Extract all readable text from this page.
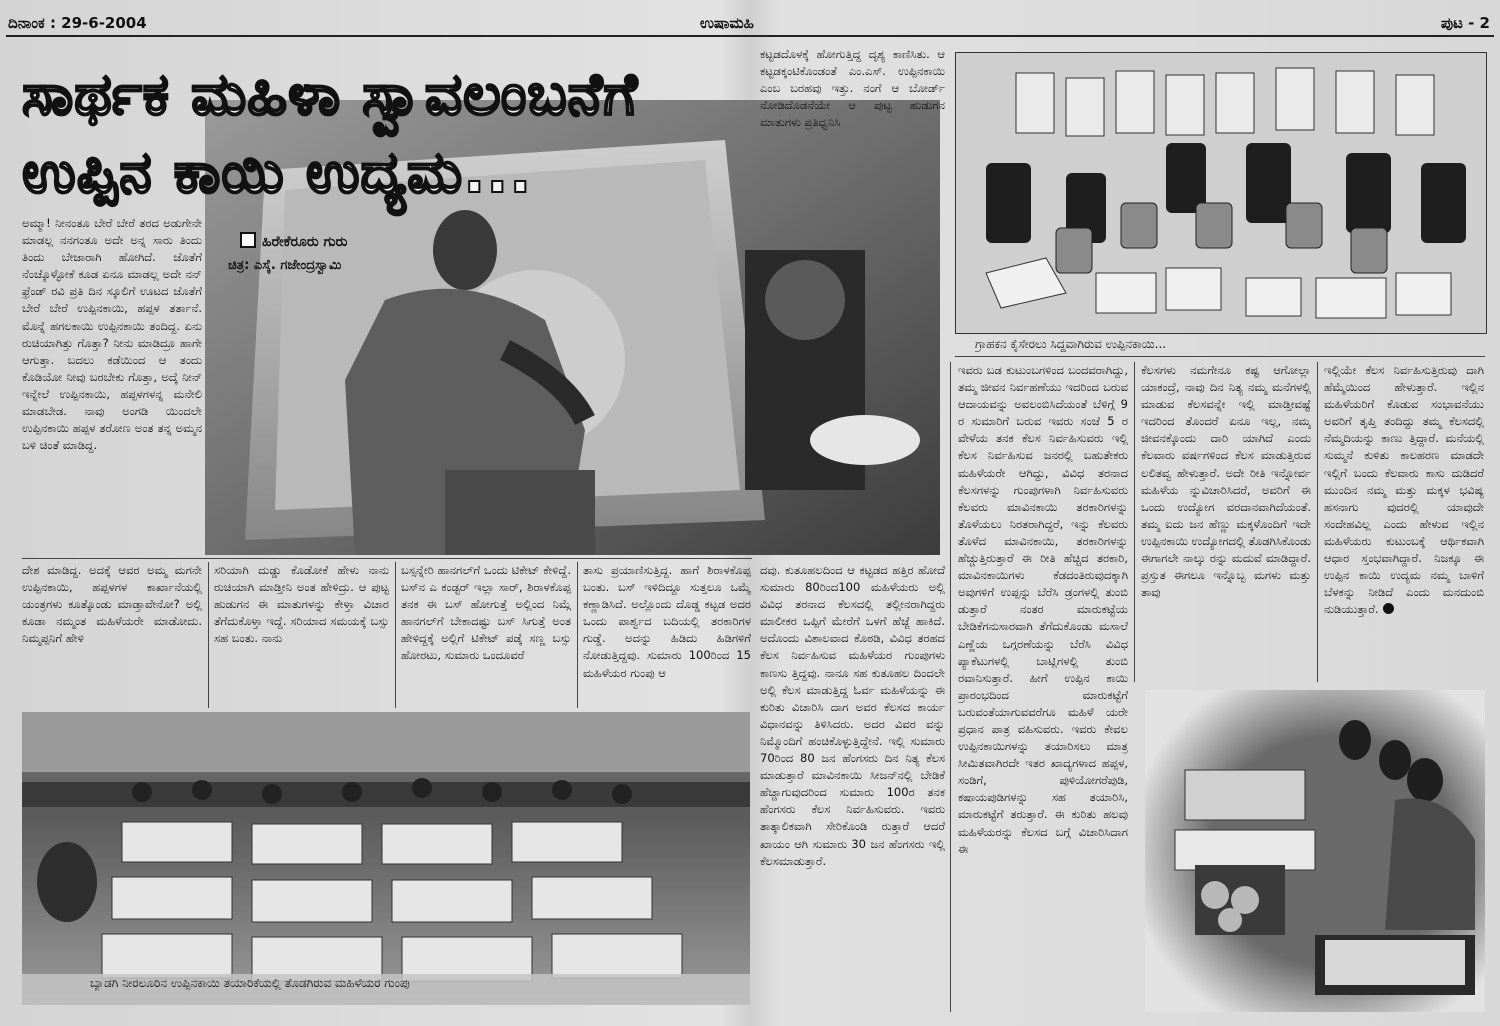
ದಿನಾಂಕ : 29-6-2004	ಉಷಾಮಹಿ	ಪುಟ - 2
ಸಾರ್ಥಕ ಮಹಿಳಾ ಸ್ವಾವಲಂಬನೆಗೆ
ಉಪ್ಪಿನ ಕಾಯಿ ಉದ್ಯಮ...
ಹಿರೇಕೆರೂರು ಗುರು
ಚಿತ್ರ: ಎಸ್ಕೆ. ಗಜೇಂದ್ರಸ್ವಾಮಿ

ಅಮ್ಮಾ! ನೀನಂತೂ ಬೇರೆ ಬೇರೆ ತರದ ಅಡುಗೇನೇ ಮಾಡಲ್ಲ ನನಗಂತೂ ಅದೇ ಅನ್ನ ಸಾರು ತಿಂದು ತಿಂದು ಬೇಜಾರಾಗಿ ಹೋಗಿದೆ. ಜೊತೆಗೆ ನೆಂಚ್ಕೊಳ್ಳೋಕೆ ಕೂಡ ಏನೂ ಮಾಡಲ್ಲ ಅದೇ ನನ್ ಫ್ರೆಂಡ್ ರವಿ ಪ್ರತಿ ದಿನ ಸ್ಕೂಲಿಗೆ ಊಟದ ಜೊತೆಗೆ ಬೇರೆ ಬೇರೆ ಉಪ್ಪಿನಕಾಯಿ, ಹಪ್ಪಳ ತರ್ತಾನೆ. ಮೊನ್ನೆ ಹಗಲಕಾಯಿ ಉಪ್ಪಿನಕಾಯಿ ತಂದಿದ್ದ. ಏನು ರುಚಿಯಾಗಿತ್ತು ಗೊತ್ತಾ? ನೀನು ಮಾಡಿದ್ರೂ ಹಾಗೇ ಆಗುತ್ತಾ. ಬದಲು ಕಡೆಯಿಂದ ಆ ತಂದು ಕೊಡಿಯೋ ನೀವು ಬರಬೇಕು ಗೊತ್ತಾ, ಅದ್ಕೆ ನೀನ್ ಇನ್ನೇಲೆ ಉಪ್ಪಿನಕಾಯಿ, ಹಪ್ಪಳಗಳನ್ನ ಮನೇಲಿ ಮಾಡಬೇಡ. ನಾವು ಅಂಗಡಿ ಯಿಂದಲೇ ಉಪ್ಪಿನಕಾಯಿ ಹಪ್ಪಳ ತರೋಣ ಅಂತ ತನ್ನ ಅಮ್ಮನ ಬಳಿ ಚಿಂತೆ ಮಾಡಿದ್ದ.

ದೇಶ ಮಾಡಿದ್ದ. ಅದಕ್ಕೆ ಆವರ ಅಮ್ಮ ಮಗನೇ ಉಪ್ಪಿನಕಾಯಿ, ಹಪ್ಪಳಗಳ ಕಾರ್ಖಾನೆಯಲ್ಲಿ ಯಂತ್ರಗಳು ಕೂತ್ಕೊಂಡು ಮಾಡ್ತಾವೇನೋ? ಅಲ್ಲಿ ಕೂಡಾ ನಮ್ಮಂತ ಮಹಿಳೆಯರೇ ಮಾಡೋದು. ನಿಮ್ಮಪ್ಪನಿಗೆ ಹೇಳಿ

ಸರಿಯಾಗಿ ದುಡ್ಡು ಕೊಡೋಕೆ ಹೇಳು ನಾನು ರುಚಿಯಾಗಿ ಮಾಡ್ತೀನಿ ಅಂತ ಹೇಳಿದ್ರು. ಆ ಪುಟ್ಟ ಹುಡುಗನ ಈ ಮಾತುಗಳನ್ನು ಕೇಳ್ತಾ ವಿಚಾರ ತೆಗೆದುಕೊಳ್ತಾ ಇದ್ದೆ. ಸರಿಯಾದ ಸಮಯಕ್ಕೆ ಬಸ್ಸು ಸಹ ಬಂತು. ನಾನು

ಬಸ್ಸನ್ನೇರಿ ಹಾನಗಲ್‌ಗೆ ಒಂದು ಟಿಕೇಟ್ ಕೇಳಿದ್ದೆ. ಬಸ್‌ನ ಎ ಕಂಡ್ಟರ್ ಇಲ್ಲಾ ಸಾರ್, ಶಿರಾಳಕೊಪ್ಪ ತನಕ ಈ ಬಸ್ ಹೋಗುತ್ತೆ ಅಲ್ಲಿಂದ ನಿಮ್ಗೆ ಹಾನಗಲ್‌ಗೆ ಬೇಕಾದಷ್ಟು ಬಸ್ ಸಿಗುತ್ತೆ ಅಂತ ಹೇಳಿದ್ದಕ್ಕೆ ಅಲ್ಲಿಗೆ ಟಿಕೇಟ್ ಪಡ್ಕೆ ಸಣ್ಣ ಬಸ್ಸು ಹೋರಟು, ಸುಮಾರು ಒಂದೂವರೆ

ತಾಸು ಪ್ರಯಾಣಿಸುತ್ತಿದ್ದ. ಹಾಗೆ ಶಿರಾಳಕೊಪ್ಪ ಬಂತು. ಬಸ್ ಇಳಿದಿದ್ದೂ ಸುತ್ತಲೂ ಒಮ್ಮೆ ಕಣ್ಣಾಡಿಸಿದೆ. ಅಲ್ಲೊಂದು ದೊಡ್ಡ ಕಟ್ಟಡ ಅದರ ಒಂದು ಪಾರ್ಶ್ವದ ಬದಿಯಲ್ಲಿ ತರಕಾರಿಗಳ ಗುಡ್ಡೆ. ಅದನ್ನು ಹಿಡಿದು ಹಿಡಿಗಳಿಗೆ ನೋಡುತ್ತಿದ್ದವು. ಸುಮಾರು 100ರಿಂದ 15 ಮಹಿಳೆಯರ ಗುಂಪು ಆ

ಬ್ಯಾಡಗಿ ನೀರಲೂರಿನ ಉಪ್ಪಿನಕಾಯಿ ತಯಾರಿಕೆಯಲ್ಲಿ ತೊಡಗಿರುವ ಮಹಿಳೆಯರ ಗುಂಪು

ಕಟ್ಟಡದೊಳಕ್ಕೆ ಹೋಗುತ್ತಿದ್ದ ದೃಶ್ಯ ಕಾಣಿಸಿತು. ಆ ಕಟ್ಟಡಕ್ಕಂಟಿಕೊಂಡಂತೆ ಎಂ.ಎಸ್. ಉಪ್ಪಿನಕಾಯಿ ಎಂಬ ಬರಹವು ಇತ್ತು. ನಂಗೆ ಆ ಬೋರ್ಡ್ ನೋಡಿದೊಡನೆಯೇ ಆ ಪುಟ್ಟ ಹುಡುಗನ ಮಾತುಗಳು ಪ್ರತಿಧ್ವನಿಸಿ

ದವು. ಕುತೂಹಲದಿಂದ ಆ ಕಟ್ಟಡದ ಹತ್ತಿರ ಹೋದೆ ಸುಮಾರು 80ರಿಂದ100 ಮಹಿಳೆಯರು ಅಲ್ಲಿ ವಿವಿಧ ತರನಾದ ಕೆಲಸದಲ್ಲಿ ತಲ್ಲೀನರಾಗಿದ್ದರು ಮಾಲೀಕರ ಒಪ್ಪಿಗೆ ಮೇರೆಗೆ ಒಳಗೆ ಹೆಜ್ಜೆ ಹಾಕಿದೆ. ಅದೊಂದು ವಿಶಾಲವಾದ ಕೊಠಡಿ, ವಿವಿಧ ತರಹದ ಕೆಲಸ ನಿರ್ವಹಿಸುವ ಮಹಿಳೆಯರ ಗುಂಪುಗಳು ಕಾಣಸು ತ್ತಿದ್ದವು. ನಾನೂ ಸಹ ಕುತೂಹಲ ದಿಂದಲೇ ಅಲ್ಲಿ ಕೆಲಸ ಮಾಡುತ್ತಿದ್ದ ಓರ್ವ ಮಹಿಳೆಯನ್ನು ಈ ಕುರಿತು ವಿಚಾರಿಸಿ ದಾಗ ಅವರ ಕೆಲಸದ ಕಾರ್ಯ ವಿಧಾನವನ್ನು ತಿಳಿಸಿದರು. ಅದರ ವಿವರ ವನ್ನು ನಿಮ್ಮೊಂದಿಗೆ ಹಂಚಿಕೊಳ್ಳುತ್ತಿದ್ದೇನೆ. ಇಲ್ಲಿ ಸುಮಾರು 70ರಿಂದ 80 ಜನ ಹೆಂಗಸರು ದಿನ ನಿತ್ಯ ಕೆಲಸ ಮಾಡುತ್ತಾರೆ ಮಾವಿನಕಾಯಿ ಸೀಜನ್‌ನಲ್ಲಿ ಬೇಡಿಕೆ ಹೆಚ್ಚಾಗುವುದರಿಂದ ಸುಮಾರು 100ರ ತನಕ ಹೆಂಗಸರು ಕೆಲಸ ನಿರ್ವಹಿಸುವರು. ಇವರು ತಾತ್ಕಾಲಿಕವಾಗಿ ಸೇರಿಕೊಂಡಿ ರುತ್ತಾರೆ ಆದರೆ ಖಾಯಂ ಆಗಿ ಸುಮಾರು 30 ಜನ ಹೆಂಗಸರು ಇಲ್ಲಿ ಕೆಲಸಮಾಡುತ್ತಾರೆ.

ಗ್ರಾಹಕನ ಕೈಸೇರಲು ಸಿದ್ಧವಾಗಿರುವ ಉಪ್ಪಿನಕಾಯಿ...

ಇವರು ಬಡ ಕುಟುಂಬಗಳಿಂದ ಬಂದವರಾಗಿದ್ದು, ತಮ್ಮ ಜೀವನ ನಿರ್ವಹಣೆಯು ಇದರಿಂದ ಬರುವ ಆದಾಯವನ್ನು ಅವಲಂಬಿಸಿದೆಯಂತೆ ಬೆಳಿಗ್ಗೆ 9 ರ ಸುಮಾರಿಗೆ ಬರುವ ಇವರು ಸಂಜೆ 5 ರ ವೇಳೆಯ ತನಕ ಕೆಲಸ ನಿರ್ವಹಿಸುವರು ಇಲ್ಲಿ ಕೆಲಸ ನಿರ್ವಹಿಸುವ ಜನರಲ್ಲಿ ಬಹುತೇಕರು ಮಹಿಳೆಯರೇ ಆಗಿದ್ದು, ವಿವಿಧ ತರನಾದ ಕೆಲಸಗಳನ್ನು ಗುಂಪುಗಳಾಗಿ ನಿರ್ವಹಿಸುವರು ಕೆಲವರು ಮಾವಿನಕಾಯಿ ತರಕಾರಿಗಳನ್ನು ತೊಳೆಯಲು ನಿರತರಾಗಿದ್ದರೆ, ಇನ್ನು ಕೆಲವರು ತೊಳೆದ ಮಾವಿನಕಾಯಿ, ತರಕಾರಿಗಳನ್ನು ಹೆಚ್ಚುತ್ತಿರುತ್ತಾರೆ ಈ ರೀತಿ ಹೆಚ್ಚಿದ ತರಕಾರಿ, ಮಾವಿನಕಾಯಿಗಳು ಕೆಡದಂತಿರುವುದಕ್ಕಾಗಿ ಅವುಗಳಿಗೆ ಉಪ್ಪನ್ನು ಬೆರೆಸಿ ಡ್ರಂಗಳಲ್ಲಿ ತುಂಬಿ ಡುತ್ತಾರೆ ನಂತರ ಮಾರುಕಟ್ಟೆಯ ಬೇಡಿಕೆಗನುಸಾರವಾಗಿ ತೆಗೆದುಕೊಂಡು ಮಸಾಲೆ ಎಣ್ಣೆಯ ಒಗ್ಗರಣೆಯನ್ನು ಬೆರೆಸಿ ವಿವಿಧ ಪ್ಯಾಕೆಟುಗಳಲ್ಲಿ ಬಾಟ್ಲಿಗಳಲ್ಲಿ ತುಂಬಿ ರವಾನಿಸುತ್ತಾರೆ. ಹೀಗೆ ಉಪ್ಪಿನ ಕಾಯಿ ಪ್ರಾರಂಭದಿಂದ ಮಾರುಕಟ್ಟೆಗೆ ಬರುವಂತೆಯಾಗುವವರೆಗೂ ಮಹಿಳೆ ಯರೇ ಪ್ರಧಾನ ಪಾತ್ರ ವಹಿಸುವರು. ಇವರು ಕೇವಲ ಉಪ್ಪಿನಕಾಯಿಗಳನ್ನು ತಯಾರಿಸಲು ಮಾತ್ರ ಸೀಮಿತವಾಗಿರದೇ ಇತರ ಖಾದ್ಯಗಳಾದ ಹಪ್ಪಳ, ಸಂಡಿಗೆ, ಪುಳಿಯೋಗರೆಪುಡಿ, ಕಷಾಯಪುಡಿಗಳನ್ನು ಸಹ ತಯಾರಿಸಿ, ಮಾರುಕಟ್ಟೆಗೆ ತರುತ್ತಾರೆ. ಈ ಕುರಿತು ಹಲವು ಮಹಿಳೆಯರನ್ನು ಕೆಲಸದ ಬಗ್ಗೆ ವಿಚಾರಿಸಿದಾಗ ಈ

ಕೆಲಸಗಳು ನಮಗೇನೂ ಕಷ್ಟ ಆಗೋಲ್ಲಾ ಯಾಕಂದ್ರೆ, ನಾವು ದಿನ ನಿತ್ಯ ನಮ್ಮ ಮನೆಗಳಲ್ಲಿ ಮಾಡುವ ಕೆಲಸವನ್ನೇ ಇಲ್ಲಿ ಮಾಡ್ತೀವಷ್ಟೆ ಇದರಿಂದ ತೊಂದರೆ ಏನೂ ಇಲ್ಲ, ನಮ್ಮ ಜೀವನಕ್ಕೊಂದು ದಾರಿ ಯಾಗಿದೆ ಎಂದು ಕೆಲವಾರು ವರ್ಷಗಳಿಂದ ಕೆಲಸ ಮಾಡುತ್ತಿರುವ ಲಲಿತವ್ವ ಹೇಳುತ್ತಾರೆ. ಅದೇ ರೀತಿ ಇನ್ನೋರ್ವ ಮಹಿಳೆಯ ನ್ನುವಿಚಾರಿಸಿದರೆ, ಅವರಿಗೆ ಈ ಒಂದು ಉದ್ಯೋಗ ವರದಾನವಾಗಿದೆಯಂತೆ. ತಮ್ಮ ಐದು ಜನ ಹೆಣ್ಣು ಮಕ್ಕಳೊಂದಿಗೆ ಇದೇ ಉಪ್ಪಿನಕಾಯಿ ಉದ್ಯೋಗದಲ್ಲಿ ತೊಡಗಿಸಿಕೊಂಡು ಈಗಾಗಲೇ ನಾಲ್ಕು ರನ್ನು ಮದುವೆ ಮಾಡಿದ್ದಾರೆ. ಪ್ರಸ್ತುತ ಈಗಲೂ ಇನ್ನೊಬ್ಬ ಮಗಳು ಮತ್ತು ತಾವು

ಇಲ್ಲಿಯೇ ಕೆಲಸ ನಿರ್ವಹಿಸುತ್ತಿರುವು ದಾಗಿ ಹೆಮ್ಮೆಯಿಂದ ಹೇಳುತ್ತಾರೆ. ಇಲ್ಲಿನ ಮಹಿಳೆಯರಿಗೆ ಕೊಡುವ ಸಂಭಾವನೆಯು ಅವರಿಗೆ ತೃಪ್ತಿ ತಂದಿದ್ದು ತಮ್ಮ ಕೆಲಸದಲ್ಲಿ ನೆಮ್ಮದಿಯನ್ನು ಕಾಣು ತ್ತಿದ್ದಾರೆ. ಮನೆಯಲ್ಲಿ ಸುಮ್ಮನೆ ಕುಳಿತು ಕಾಲಹರಣ ಮಾಡದೇ ಇಲ್ಲಿಗೆ ಬಂದು ಕೆಲವಾರು ಕಾಸು ದುಡಿದರೆ ಮುಂದಿನ ನಮ್ಮ ಮತ್ತು ಮಕ್ಕಳ ಭವಿಷ್ಯ ಹಸನಾಗು ವುದರಲ್ಲಿ ಯಾವುದೇ ಸಂದೇಹವಿಲ್ಲ ಎಂದು ಹೇಳುವ ಇಲ್ಲಿನ ಮಹಿಳೆಯರು ಕುಟುಂಬಕ್ಕೆ ಆರ್ಥಿಕವಾಗಿ ಆಧಾರ ಸ್ತಂಭವಾಗಿದ್ದಾರೆ. ನಿಜಕ್ಕೂ ಈ ಉಪ್ಪಿನ ಕಾಯಿ ಉದ್ಯಮ ನಮ್ಮ ಬಾಳಿಗೆ ಬೆಳಕನ್ನು ನೀಡಿದೆ ಎಂದು ಮನದುಂಬಿ ನುಡಿಯುತ್ತಾರೆ.
